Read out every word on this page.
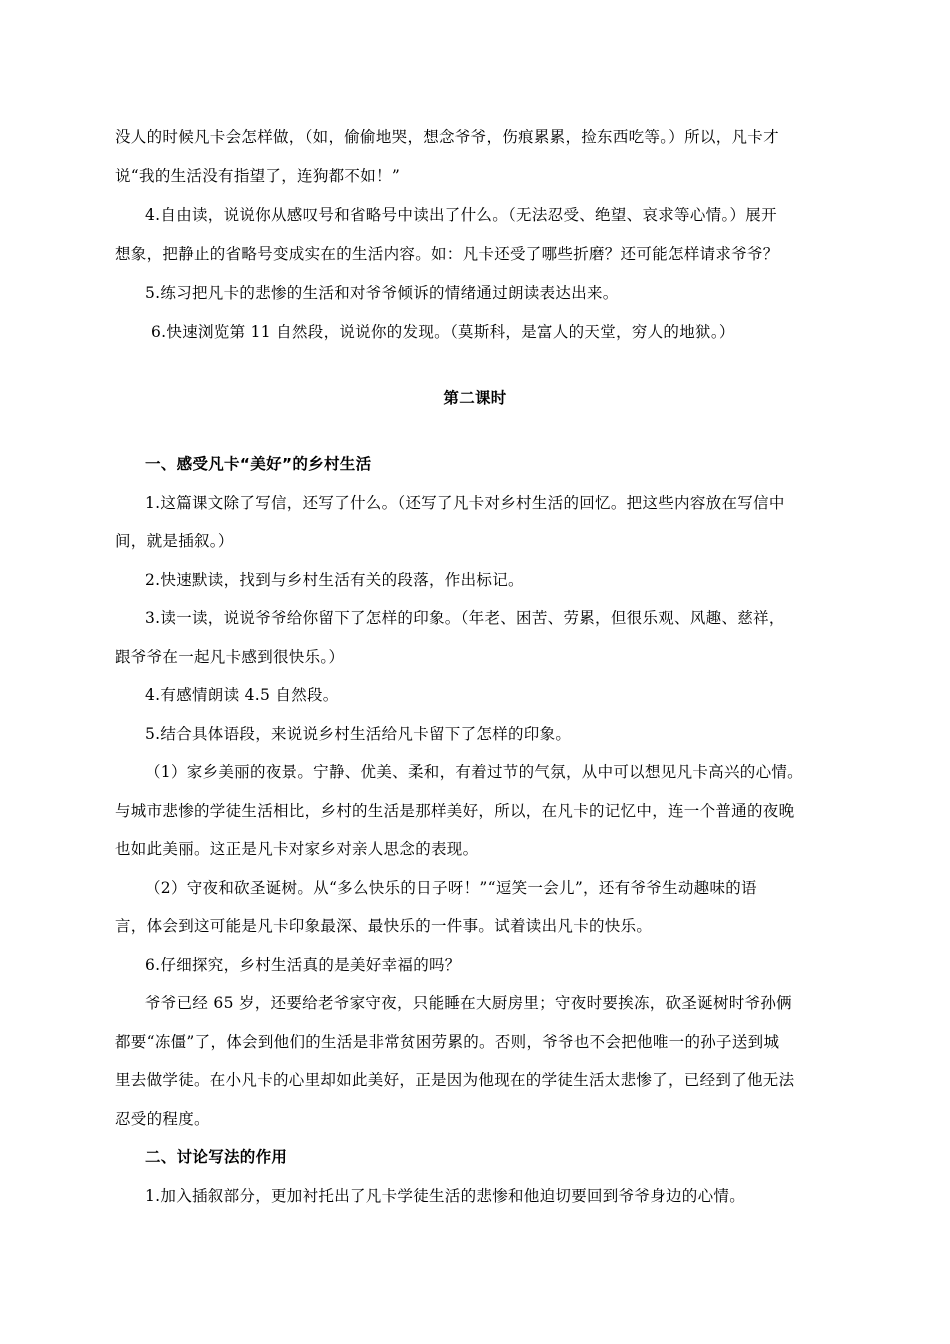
没人的时候凡卡会怎样做，（如，偷偷地哭，想念爷爷，伤痕累累，捡东西吃等。）所以，凡卡才
说“我的生活没有指望了，连狗都不如！”
4.自由读，说说你从感叹号和省略号中读出了什么。（无法忍受、绝望、哀求等心情。）展开
想象，把静止的省略号变成实在的生活内容。如：凡卡还受了哪些折磨？还可能怎样请求爷爷？
5.练习把凡卡的悲惨的生活和对爷爷倾诉的情绪通过朗读表达出来。
6.快速浏览第 11 自然段，说说你的发现。（莫斯科，是富人的天堂，穷人的地狱。）
第二课时
一、感受凡卡“美好”的乡村生活
1.这篇课文除了写信，还写了什么。（还写了凡卡对乡村生活的回忆。把这些内容放在写信中
间，就是插叙。）
2.快速默读，找到与乡村生活有关的段落，作出标记。
3.读一读，说说爷爷给你留下了怎样的印象。（年老、困苦、劳累，但很乐观、风趣、慈祥，
跟爷爷在一起凡卡感到很快乐。）
4.有感情朗读 4.5 自然段。
5.结合具体语段，来说说乡村生活给凡卡留下了怎样的印象。
（1）家乡美丽的夜景。宁静、优美、柔和，有着过节的气氛，从中可以想见凡卡高兴的心情。
与城市悲惨的学徒生活相比，乡村的生活是那样美好，所以，在凡卡的记忆中，连一个普通的夜晚
也如此美丽。这正是凡卡对家乡对亲人思念的表现。
（2）守夜和砍圣诞树。从“多么快乐的日子呀！”“逗笑一会儿”，还有爷爷生动趣味的语
言，体会到这可能是凡卡印象最深、最快乐的一件事。试着读出凡卡的快乐。
6.仔细探究，乡村生活真的是美好幸福的吗？
爷爷已经 65 岁，还要给老爷家守夜，只能睡在大厨房里；守夜时要挨冻，砍圣诞树时爷孙俩
都要“冻僵”了，体会到他们的生活是非常贫困劳累的。否则，爷爷也不会把他唯一的孙子送到城
里去做学徒。在小凡卡的心里却如此美好，正是因为他现在的学徒生活太悲惨了，已经到了他无法
忍受的程度。
二、讨论写法的作用
1.加入插叙部分，更加衬托出了凡卡学徒生活的悲惨和他迫切要回到爷爷身边的心情。
